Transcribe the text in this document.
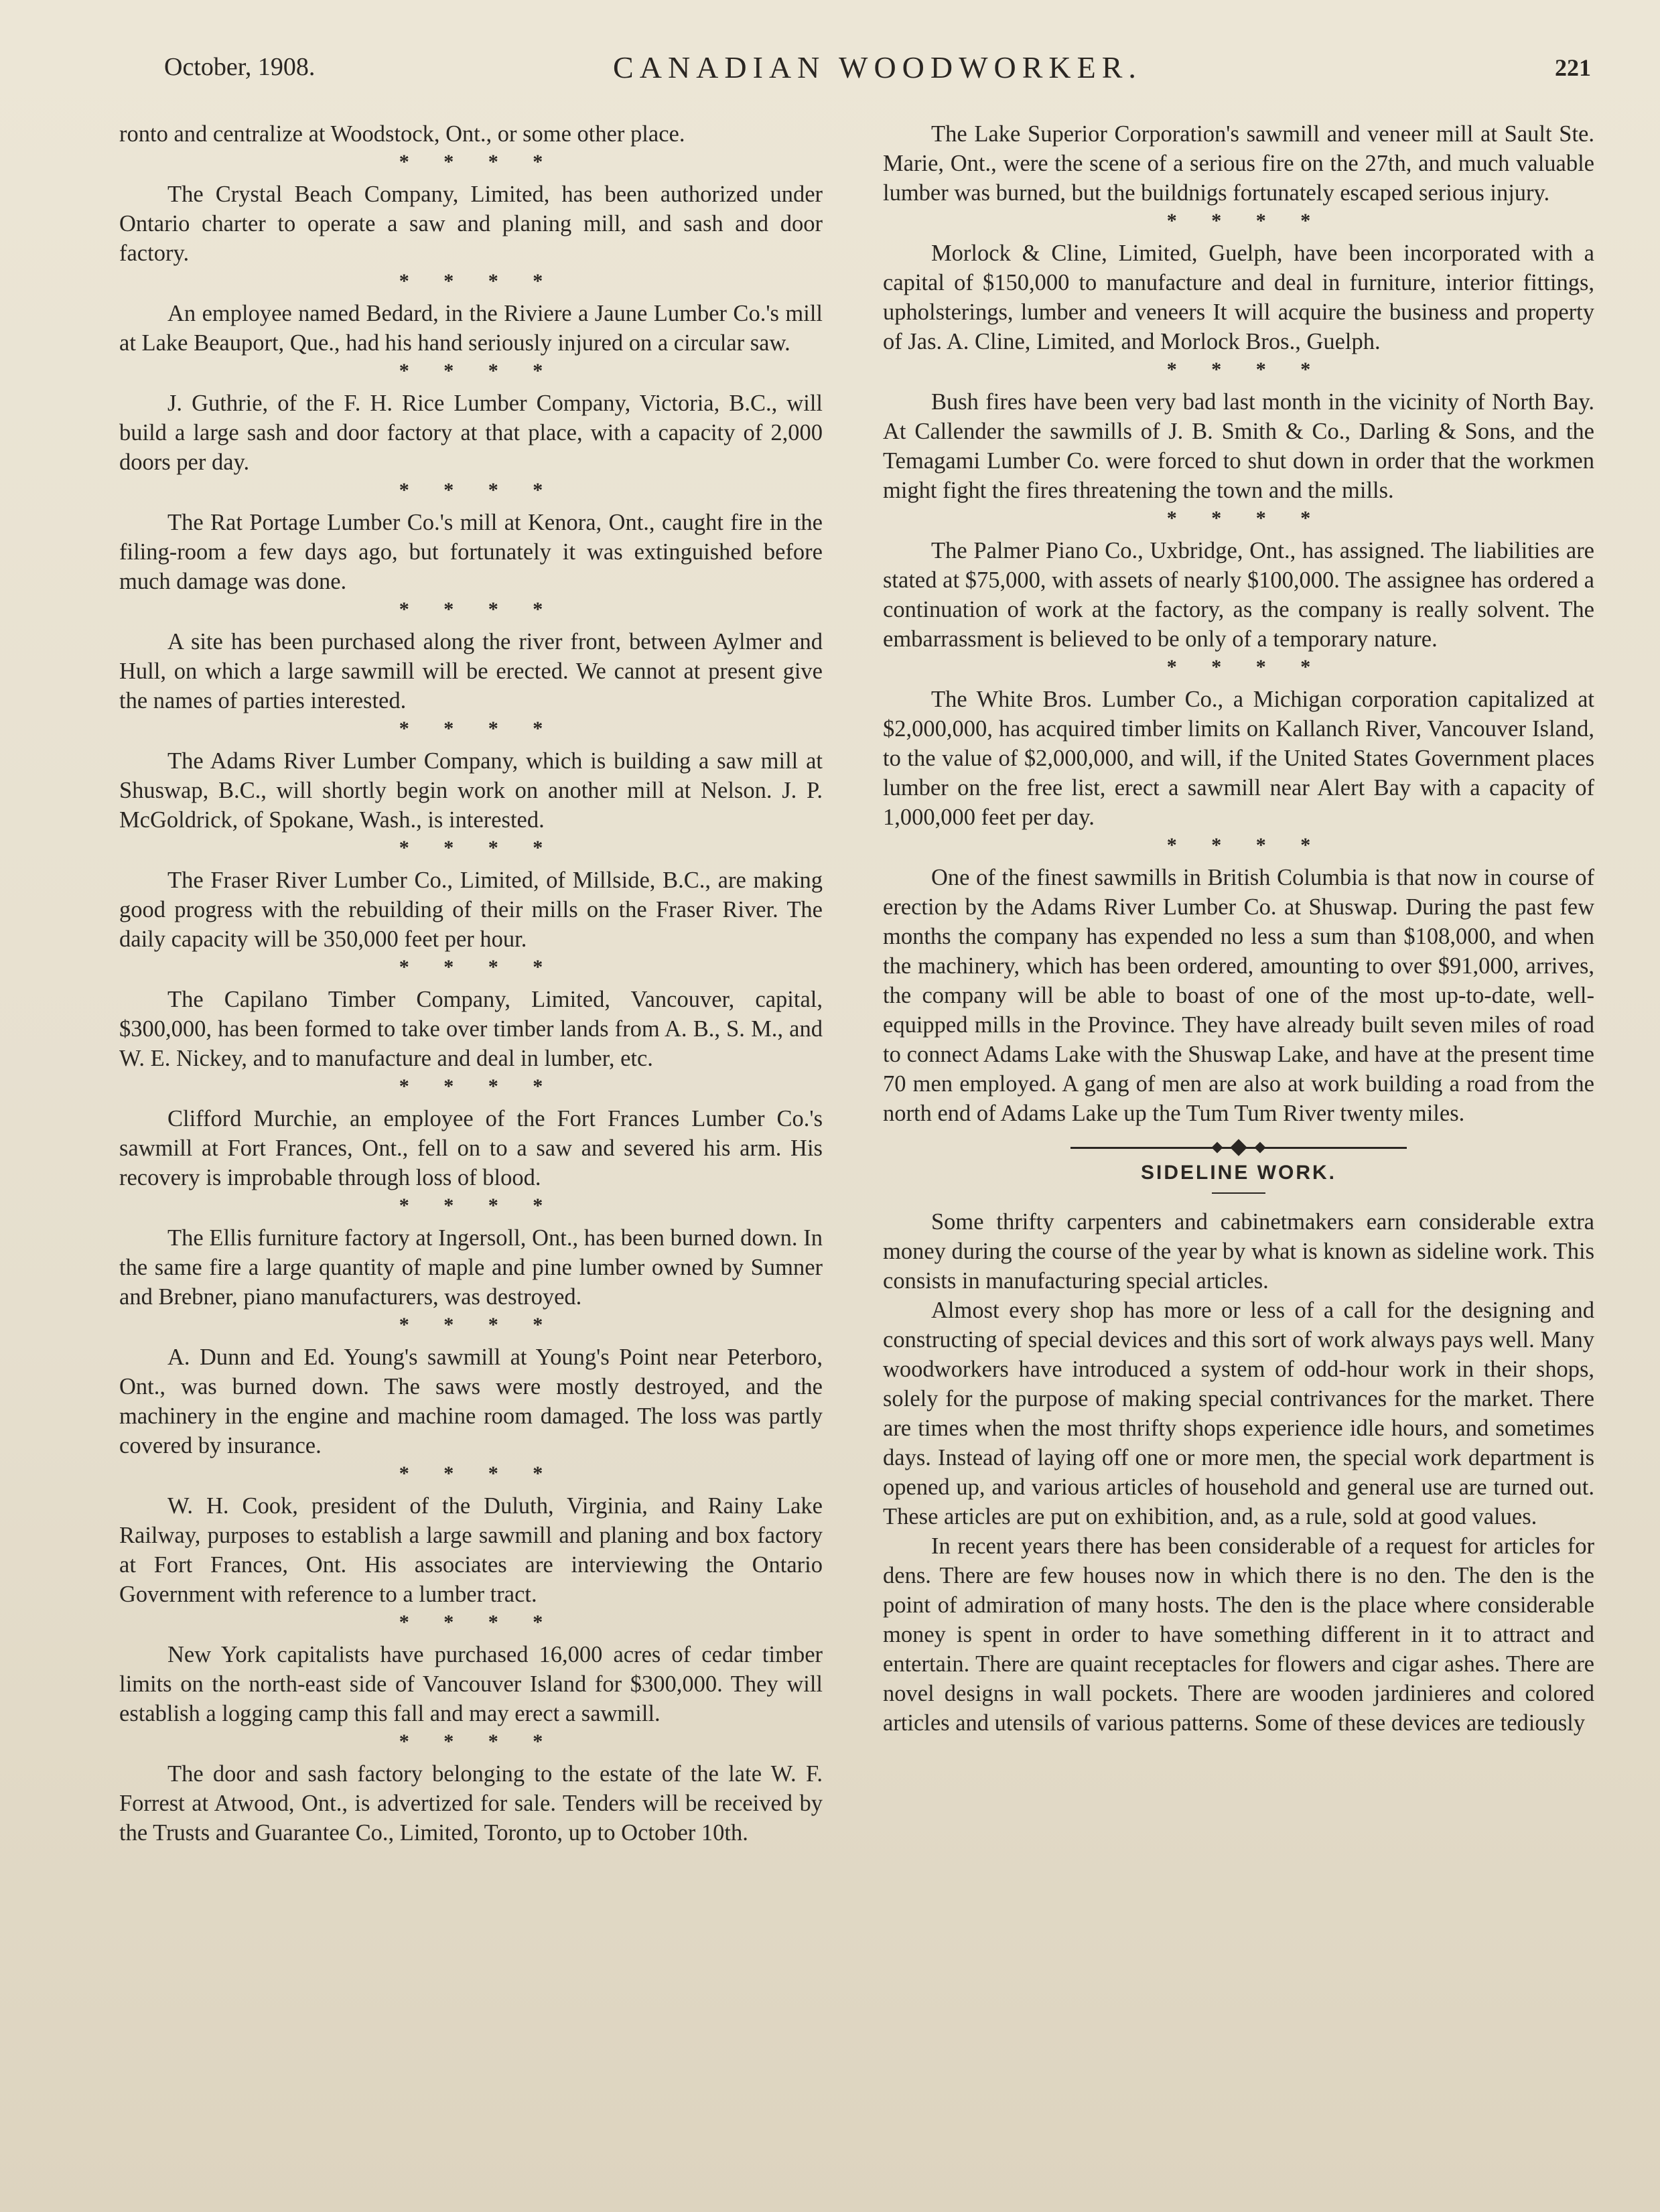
October, 1908.	CANADIAN WOODWORKER.	221

ronto and centralize at Woodstock, Ont., or some other place.

* * * *

The Crystal Beach Company, Limited, has been authorized under Ontario charter to operate a saw and planing mill, and sash and door factory.

* * * *

An employee named Bedard, in the Riviere a Jaune Lumber Co.'s mill at Lake Beauport, Que., had his hand seriously injured on a circular saw.

* * * *

J. Guthrie, of the F. H. Rice Lumber Company, Victoria, B.C., will build a large sash and door factory at that place, with a capacity of 2,000 doors per day.

* * * *

The Rat Portage Lumber Co.'s mill at Kenora, Ont., caught fire in the filing-room a few days ago, but fortunately it was extinguished before much damage was done.

* * * *

A site has been purchased along the river front, between Aylmer and Hull, on which a large sawmill will be erected. We cannot at present give the names of parties interested.

* * * *

The Adams River Lumber Company, which is building a saw mill at Shuswap, B.C., will shortly begin work on another mill at Nelson. J. P. McGoldrick, of Spokane, Wash., is interested.

* * * *

The Fraser River Lumber Co., Limited, of Millside, B.C., are making good progress with the rebuilding of their mills on the Fraser River. The daily capacity will be 350,000 feet per hour.

* * * *

The Capilano Timber Company, Limited, Vancouver, capital, $300,000, has been formed to take over timber lands from A. B., S. M., and W. E. Nickey, and to manufacture and deal in lumber, etc.

* * * *

Clifford Murchie, an employee of the Fort Frances Lumber Co.'s sawmill at Fort Frances, Ont., fell on to a saw and severed his arm. His recovery is improbable through loss of blood.

* * * *

The Ellis furniture factory at Ingersoll, Ont., has been burned down. In the same fire a large quantity of maple and pine lumber owned by Sumner and Brebner, piano manufacturers, was destroyed.

* * * *

A. Dunn and Ed. Young's sawmill at Young's Point near Peterboro, Ont., was burned down. The saws were mostly destroyed, and the machinery in the engine and machine room damaged. The loss was partly covered by insurance.

* * * *

W. H. Cook, president of the Duluth, Virginia, and Rainy Lake Railway, purposes to establish a large sawmill and planing and box factory at Fort Frances, Ont. His associates are interviewing the Ontario Government with reference to a lumber tract.

* * * *

New York capitalists have purchased 16,000 acres of cedar timber limits on the north-east side of Vancouver Island for $300,000. They will establish a logging camp this fall and may erect a sawmill.

* * * *

The door and sash factory belonging to the estate of the late W. F. Forrest at Atwood, Ont., is advertized for sale. Tenders will be received by the Trusts and Guarantee Co., Limited, Toronto, up to October 10th.

The Lake Superior Corporation's sawmill and veneer mill at Sault Ste. Marie, Ont., were the scene of a serious fire on the 27th, and much valuable lumber was burned, but the buildnigs fortunately escaped serious injury.

* * * *

Morlock & Cline, Limited, Guelph, have been incorporated with a capital of $150,000 to manufacture and deal in furniture, interior fittings, upholsterings, lumber and veneers It will acquire the business and property of Jas. A. Cline, Limited, and Morlock Bros., Guelph.

* * * *

Bush fires have been very bad last month in the vicinity of North Bay. At Callender the sawmills of J. B. Smith & Co., Darling & Sons, and the Temagami Lumber Co. were forced to shut down in order that the workmen might fight the fires threatening the town and the mills.

* * * *

The Palmer Piano Co., Uxbridge, Ont., has assigned. The liabilities are stated at $75,000, with assets of nearly $100,000. The assignee has ordered a continuation of work at the factory, as the company is really solvent. The embarrassment is believed to be only of a temporary nature.

* * * *

The White Bros. Lumber Co., a Michigan corporation capitalized at $2,000,000, has acquired timber limits on Kallanch River, Vancouver Island, to the value of $2,000,000, and will, if the United States Government places lumber on the free list, erect a sawmill near Alert Bay with a capacity of 1,000,000 feet per day.

* * * *

One of the finest sawmills in British Columbia is that now in course of erection by the Adams River Lumber Co. at Shuswap. During the past few months the company has expended no less a sum than $108,000, and when the machinery, which has been ordered, amounting to over $91,000, arrives, the company will be able to boast of one of the most up-to-date, well-equipped mills in the Province. They have already built seven miles of road to connect Adams Lake with the Shuswap Lake, and have at the present time 70 men employed. A gang of men are also at work building a road from the north end of Adams Lake up the Tum Tum River twenty miles.

SIDELINE WORK.

Some thrifty carpenters and cabinetmakers earn considerable extra money during the course of the year by what is known as sideline work. This consists in manufacturing special articles.

Almost every shop has more or less of a call for the designing and constructing of special devices and this sort of work always pays well. Many woodworkers have introduced a system of odd-hour work in their shops, solely for the purpose of making special contrivances for the market. There are times when the most thrifty shops experience idle hours, and sometimes days. Instead of laying off one or more men, the special work department is opened up, and various articles of household and general use are turned out. These articles are put on exhibition, and, as a rule, sold at good values.

In recent years there has been considerable of a request for articles for dens. There are few houses now in which there is no den. The den is the point of admiration of many hosts. The den is the place where considerable money is spent in order to have something different in it to attract and entertain. There are quaint receptacles for flowers and cigar ashes. There are novel designs in wall pockets. There are wooden jardinieres and colored articles and utensils of various patterns. Some of these devices are tediously
